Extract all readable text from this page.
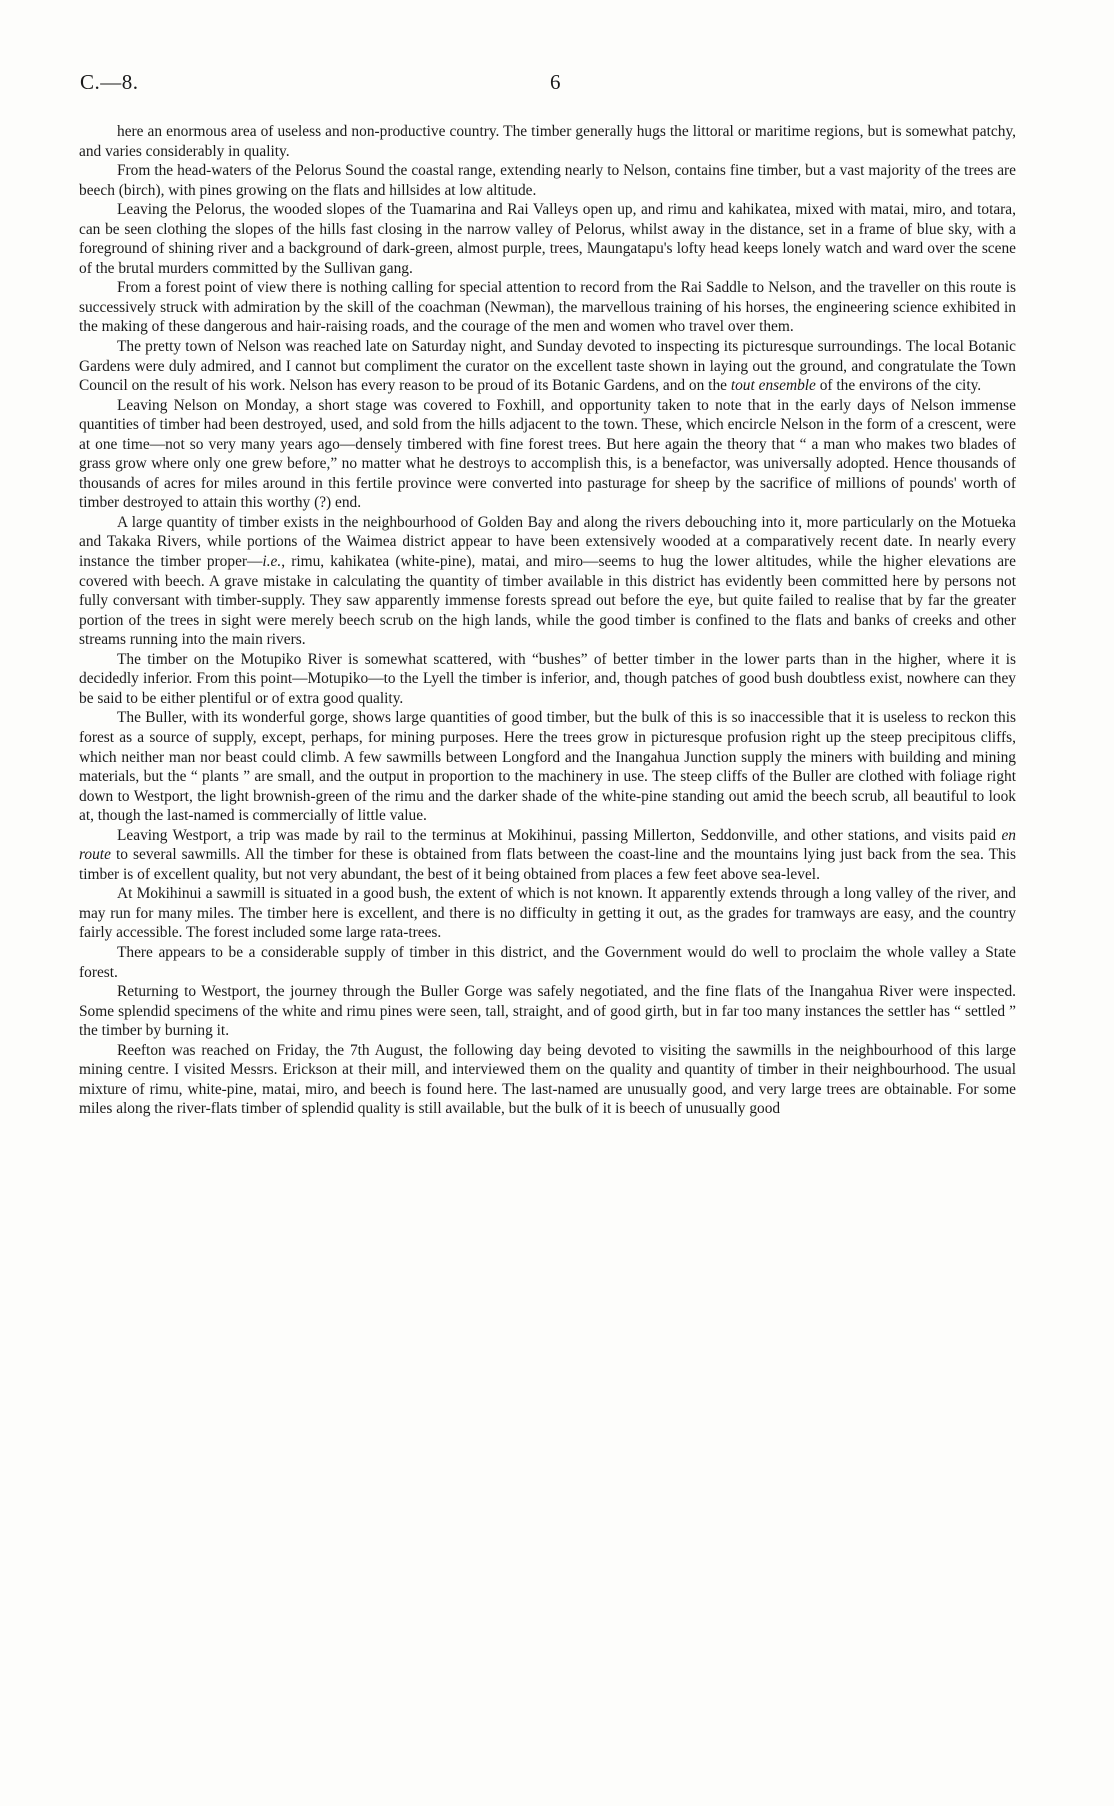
C.—8.	6

here an enormous area of useless and non-productive country. The timber generally hugs the littoral or maritime regions, but is somewhat patchy, and varies considerably in quality.

From the head-waters of the Pelorus Sound the coastal range, extending nearly to Nelson, contains fine timber, but a vast majority of the trees are beech (birch), with pines growing on the flats and hillsides at low altitude.

Leaving the Pelorus, the wooded slopes of the Tuamarina and Rai Valleys open up, and rimu and kahikatea, mixed with matai, miro, and totara, can be seen clothing the slopes of the hills fast closing in the narrow valley of Pelorus, whilst away in the distance, set in a frame of blue sky, with a foreground of shining river and a background of dark-green, almost purple, trees, Maungatapu's lofty head keeps lonely watch and ward over the scene of the brutal murders committed by the Sullivan gang.

From a forest point of view there is nothing calling for special attention to record from the Rai Saddle to Nelson, and the traveller on this route is successively struck with admiration by the skill of the coachman (Newman), the marvellous training of his horses, the engineering science exhibited in the making of these dangerous and hair-raising roads, and the courage of the men and women who travel over them.

The pretty town of Nelson was reached late on Saturday night, and Sunday devoted to inspecting its picturesque surroundings. The local Botanic Gardens were duly admired, and I cannot but compliment the curator on the excellent taste shown in laying out the ground, and congratulate the Town Council on the result of his work. Nelson has every reason to be proud of its Botanic Gardens, and on the tout ensemble of the environs of the city.

Leaving Nelson on Monday, a short stage was covered to Foxhill, and opportunity taken to note that in the early days of Nelson immense quantities of timber had been destroyed, used, and sold from the hills adjacent to the town. These, which encircle Nelson in the form of a crescent, were at one time—not so very many years ago—densely timbered with fine forest trees. But here again the theory that “ a man who makes two blades of grass grow where only one grew before,” no matter what he destroys to accomplish this, is a benefactor, was universally adopted. Hence thousands of thousands of acres for miles around in this fertile province were converted into pasturage for sheep by the sacrifice of millions of pounds' worth of timber destroyed to attain this worthy (?) end.

A large quantity of timber exists in the neighbourhood of Golden Bay and along the rivers debouching into it, more particularly on the Motueka and Takaka Rivers, while portions of the Waimea district appear to have been extensively wooded at a comparatively recent date. In nearly every instance the timber proper—i.e., rimu, kahikatea (white-pine), matai, and miro—seems to hug the lower altitudes, while the higher elevations are covered with beech. A grave mistake in calculating the quantity of timber available in this district has evidently been committed here by persons not fully conversant with timber-supply. They saw apparently immense forests spread out before the eye, but quite failed to realise that by far the greater portion of the trees in sight were merely beech scrub on the high lands, while the good timber is confined to the flats and banks of creeks and other streams running into the main rivers.

The timber on the Motupiko River is somewhat scattered, with “bushes” of better timber in the lower parts than in the higher, where it is decidedly inferior. From this point—Motupiko—to the Lyell the timber is inferior, and, though patches of good bush doubtless exist, nowhere can they be said to be either plentiful or of extra good quality.

The Buller, with its wonderful gorge, shows large quantities of good timber, but the bulk of this is so inaccessible that it is useless to reckon this forest as a source of supply, except, perhaps, for mining purposes. Here the trees grow in picturesque profusion right up the steep precipitous cliffs, which neither man nor beast could climb. A few sawmills between Longford and the Inangahua Junction supply the miners with building and mining materials, but the “ plants ” are small, and the output in proportion to the machinery in use. The steep cliffs of the Buller are clothed with foliage right down to Westport, the light brownish-green of the rimu and the darker shade of the white-pine standing out amid the beech scrub, all beautiful to look at, though the last-named is commercially of little value.

Leaving Westport, a trip was made by rail to the terminus at Mokihinui, passing Millerton, Seddonville, and other stations, and visits paid en route to several sawmills. All the timber for these is obtained from flats between the coast-line and the mountains lying just back from the sea. This timber is of excellent quality, but not very abundant, the best of it being obtained from places a few feet above sea-level.

At Mokihinui a sawmill is situated in a good bush, the extent of which is not known. It apparently extends through a long valley of the river, and may run for many miles. The timber here is excellent, and there is no difficulty in getting it out, as the grades for tramways are easy, and the country fairly accessible. The forest included some large rata-trees.

There appears to be a considerable supply of timber in this district, and the Government would do well to proclaim the whole valley a State forest.

Returning to Westport, the journey through the Buller Gorge was safely negotiated, and the fine flats of the Inangahua River were inspected. Some splendid specimens of the white and rimu pines were seen, tall, straight, and of good girth, but in far too many instances the settler has “ settled ” the timber by burning it.

Reefton was reached on Friday, the 7th August, the following day being devoted to visiting the sawmills in the neighbourhood of this large mining centre. I visited Messrs. Erickson at their mill, and interviewed them on the quality and quantity of timber in their neighbourhood. The usual mixture of rimu, white-pine, matai, miro, and beech is found here. The last-named are unusually good, and very large trees are obtainable. For some miles along the river-flats timber of splendid quality is still available, but the bulk of it is beech of unusually good
